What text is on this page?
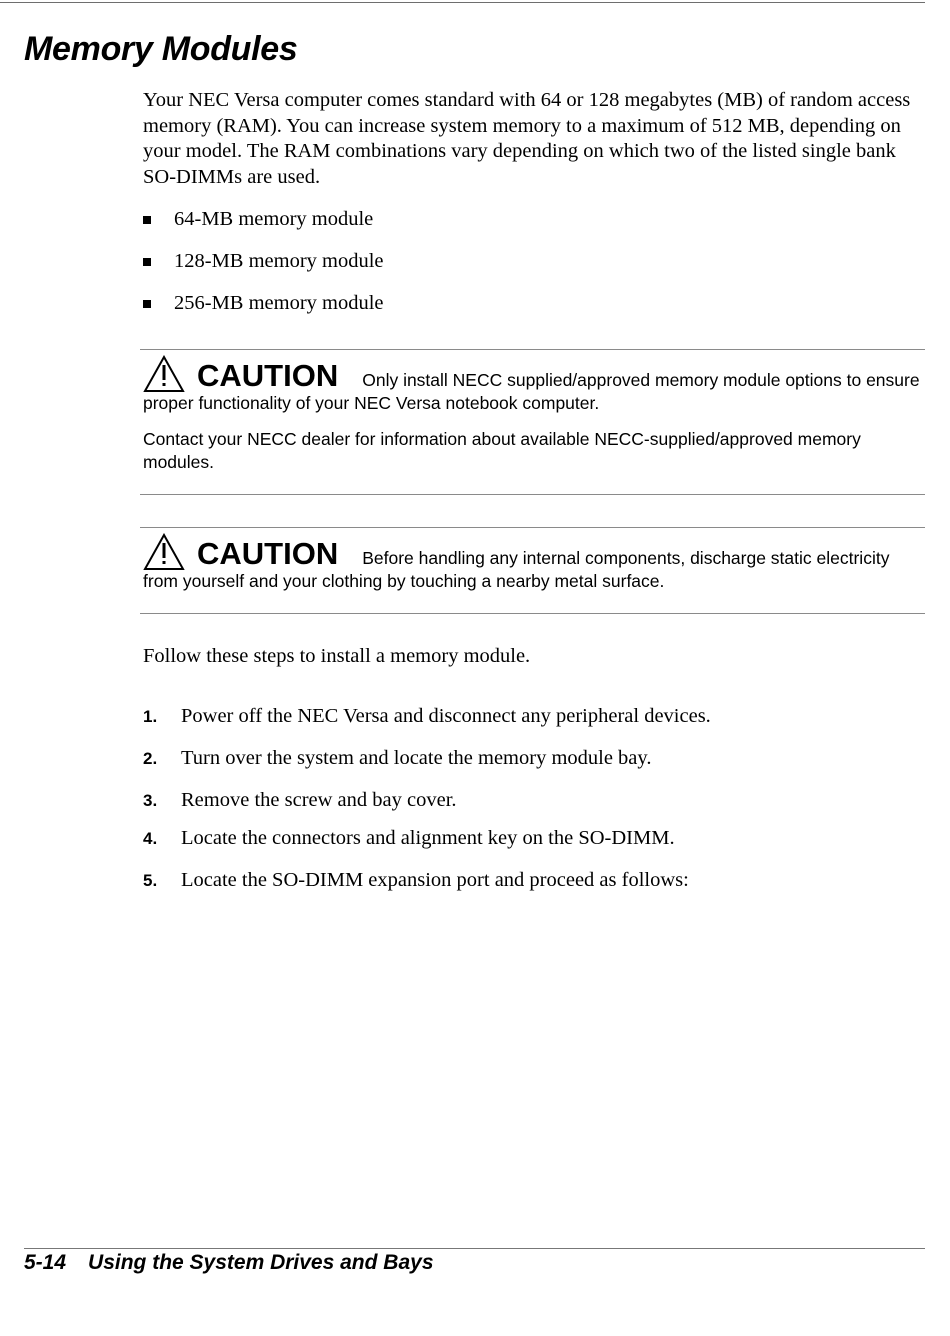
Memory Modules

Your NEC Versa computer comes standard with 64 or 128 megabytes (MB) of random access memory (RAM). You can increase system memory to a maximum of 512 MB, depending on your model. The RAM combinations vary depending on which two of the listed single bank SO-DIMMs are used.

64-MB memory module
128-MB memory module
256-MB memory module

CAUTION Only install NECC supplied/approved memory module options to ensure proper functionality of your NEC Versa notebook computer.

Contact your NECC dealer for information about available NECC-supplied/approved memory modules.

CAUTION Before handling any internal components, discharge static electricity from yourself and your clothing by touching a nearby metal surface.

Follow these steps to install a memory module.

1.	Power off the NEC Versa and disconnect any peripheral devices.
2.	Turn over the system and locate the memory module bay.
3.	Remove the screw and bay cover.
4.	Locate the connectors and alignment key on the SO-DIMM.
5.	Locate the SO-DIMM expansion port and proceed as follows:

5-14 Using the System Drives and Bays
